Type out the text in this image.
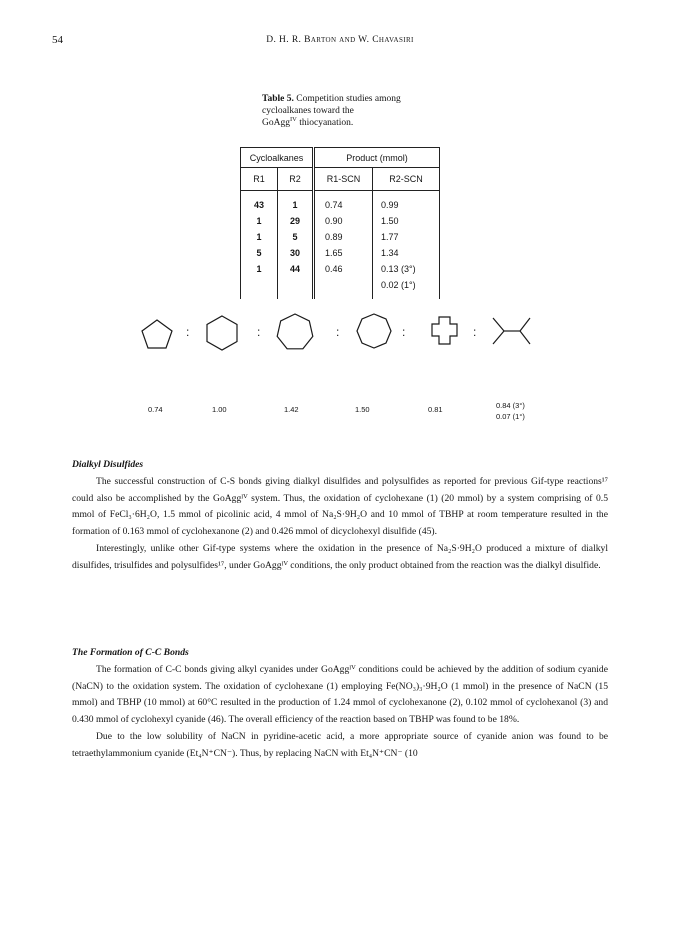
54	D. H. R. Barton and W. Chavasiri
Table 5. Competition studies among
cycloalkanes toward the
GoAgg$^{IV}$ thiocyanation.
Cycloalkanes		Product (mmol)	
R1	R2	R1-SCN	R2-SCN
43	1	0.74	0.99
1	29	0.90	1.50
1	5	0.89	1.77
5	30	1.65	1.34
1	44	0.46	0.13 (3°)
			0.02 (1°)
:	:	:	:	:
0.74	1.00	1.42	1.50	0.81	0.84 (3°)
0.07 (1°)

Dialkyl Disulfides

The successful construction of C-S bonds giving dialkyl disulfides and polysulfides as reported for previous Gif-type reactions¹⁷ could also be accomplished by the GoAggᴵⱽ system. Thus, the oxidation of cyclohexane (1) (20 mmol) by a system comprising of 0.5 mmol of FeCl₃·6H₂O, 1.5 mmol of picolinic acid, 4 mmol of Na₂S·9H₂O and 10 mmol of TBHP at room temperature resulted in the formation of 0.163 mmol of cyclohexanone (2) and 0.426 mmol of dicyclohexyl disulfide (45).

Interestingly, unlike other Gif-type systems where the oxidation in the presence of Na₂S·9H₂O produced a mixture of dialkyl disulfides, trisulfides and polysulfides¹⁷, under GoAggᴵⱽ conditions, the only product obtained from the reaction was the dialkyl disulfide.

The Formation of C-C Bonds

The formation of C-C bonds giving alkyl cyanides under GoAggᴵⱽ conditions could be achieved by the addition of sodium cyanide (NaCN) to the oxidation system. The oxidation of cyclohexane (1) employing Fe(NO₃)₃·9H₂O (1 mmol) in the presence of NaCN (15 mmol) and TBHP (10 mmol) at 60°C resulted in the production of 1.24 mmol of cyclohexanone (2), 0.102 mmol of cyclohexanol (3) and 0.430 mmol of cyclohexyl cyanide (46). The overall efficiency of the reaction based on TBHP was found to be 18%.

Due to the low solubility of NaCN in pyridine-acetic acid, a more appropriate source of cyanide anion was found to be tetraethylammonium cyanide (Et₄N⁺CN⁻). Thus, by replacing NaCN with Et₄N⁺CN⁻ (10
